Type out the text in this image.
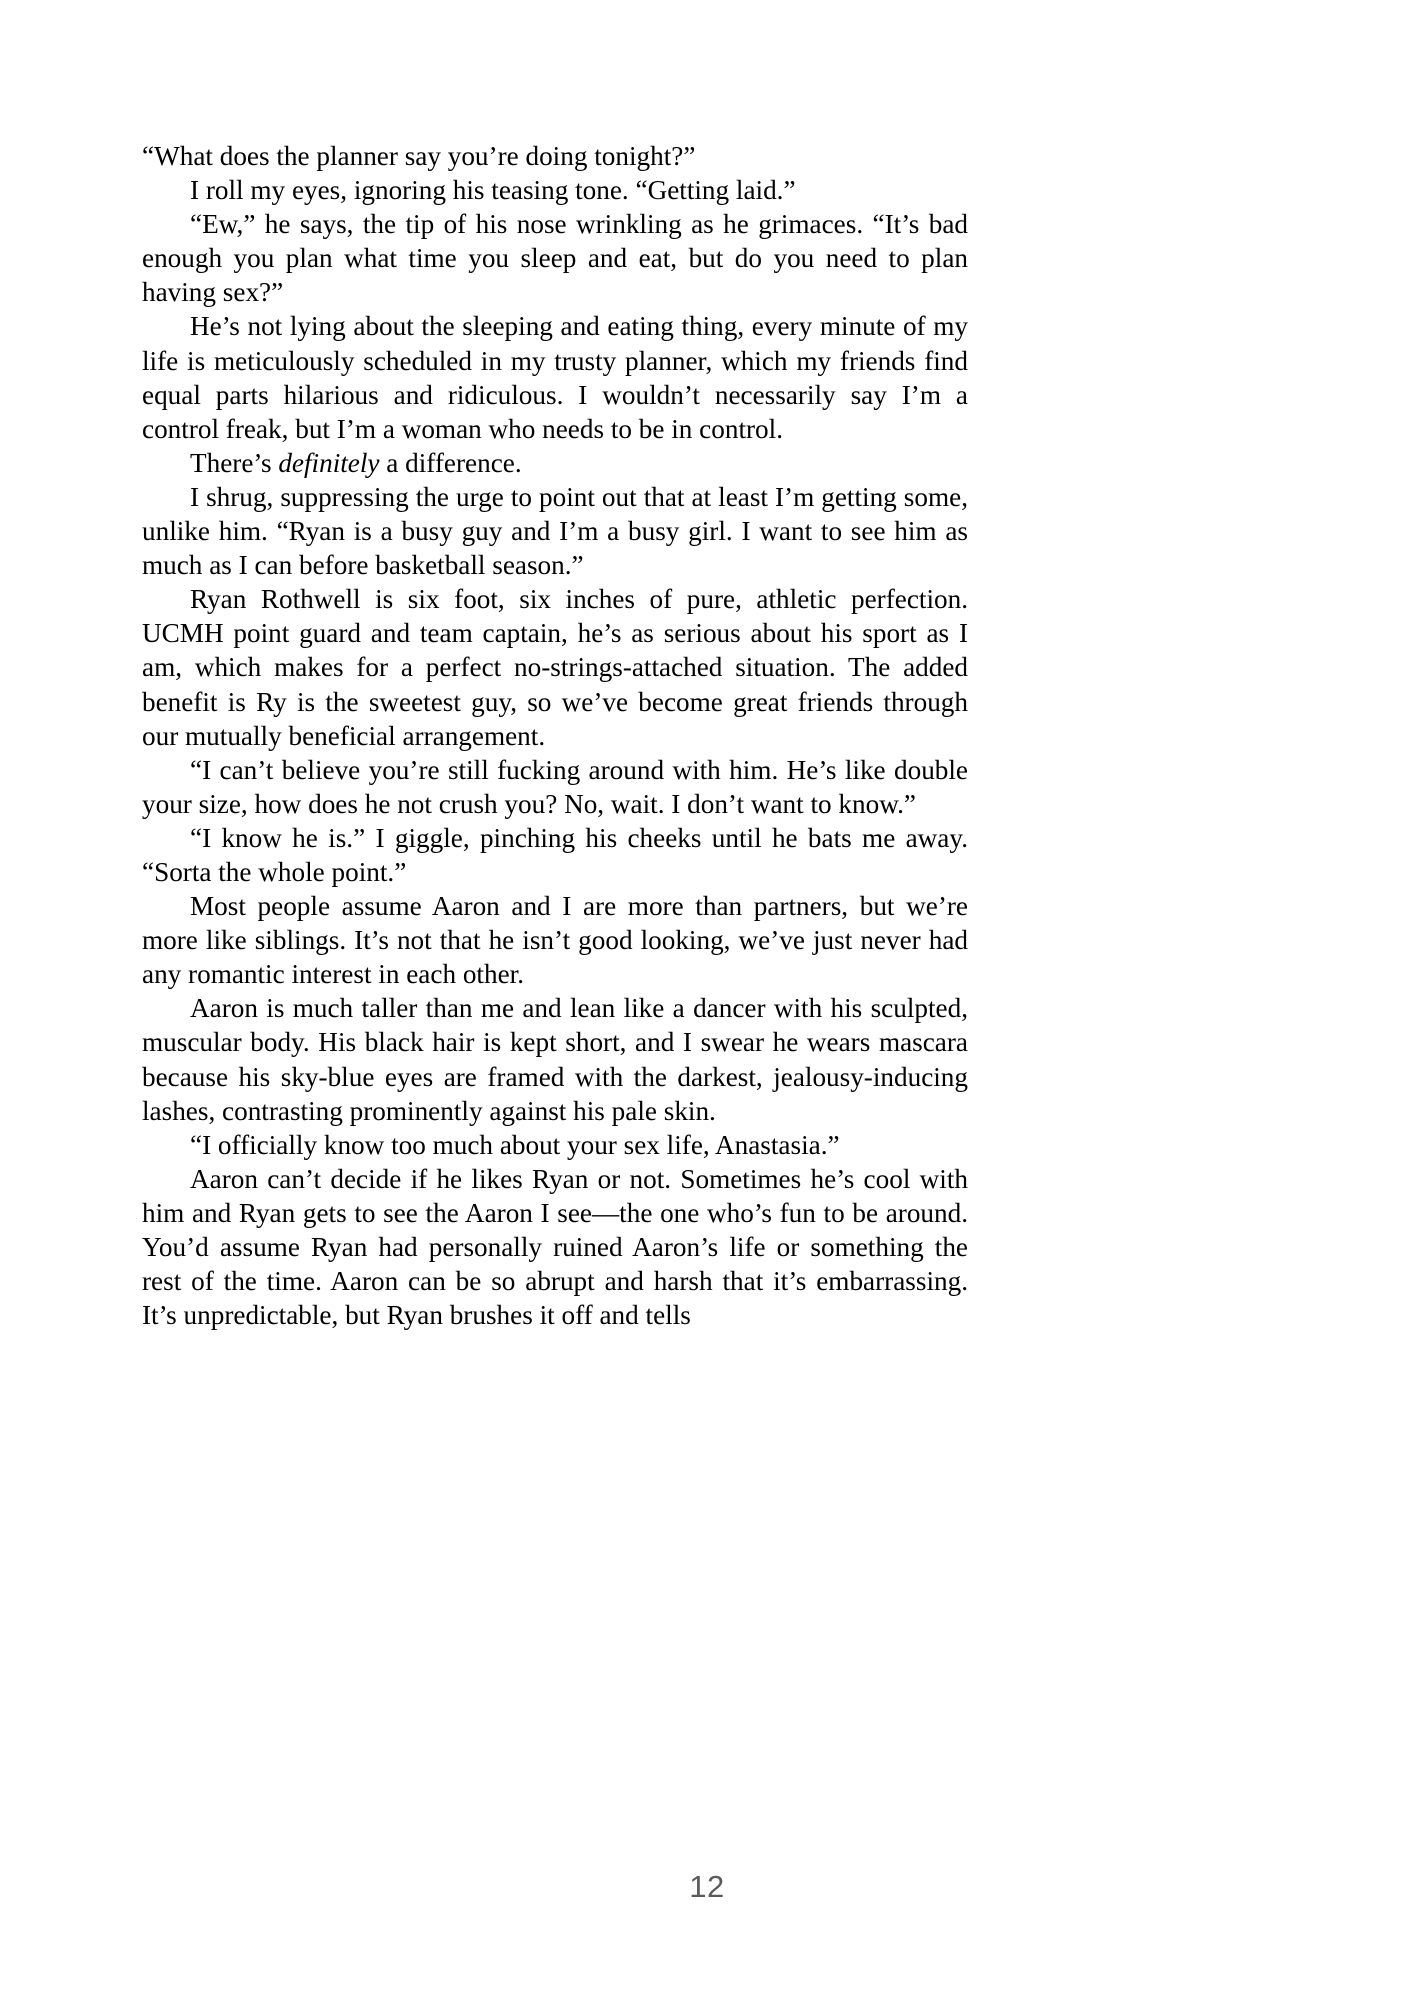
“What does the planner say you’re doing tonight?”

I roll my eyes, ignoring his teasing tone. “Getting laid.”

“Ew,” he says, the tip of his nose wrinkling as he grimaces. “It’s bad enough you plan what time you sleep and eat, but do you need to plan having sex?”

He’s not lying about the sleeping and eating thing, every minute of my life is meticulously scheduled in my trusty planner, which my friends find equal parts hilarious and ridiculous. I wouldn’t necessarily say I’m a control freak, but I’m a woman who needs to be in control.

There’s definitely a difference.

I shrug, suppressing the urge to point out that at least I’m getting some, unlike him. “Ryan is a busy guy and I’m a busy girl. I want to see him as much as I can before basketball season.”

Ryan Rothwell is six foot, six inches of pure, athletic perfection. UCMH point guard and team captain, he’s as serious about his sport as I am, which makes for a perfect no-strings-attached situation. The added benefit is Ry is the sweetest guy, so we’ve become great friends through our mutually beneficial arrangement.

“I can’t believe you’re still fucking around with him. He’s like double your size, how does he not crush you? No, wait. I don’t want to know.”

“I know he is.” I giggle, pinching his cheeks until he bats me away. “Sorta the whole point.”

Most people assume Aaron and I are more than partners, but we’re more like siblings. It’s not that he isn’t good looking, we’ve just never had any romantic interest in each other.

Aaron is much taller than me and lean like a dancer with his sculpted, muscular body. His black hair is kept short, and I swear he wears mascara because his sky-blue eyes are framed with the darkest, jealousy-inducing lashes, contrasting prominently against his pale skin.

“I officially know too much about your sex life, Anastasia.”

Aaron can’t decide if he likes Ryan or not. Sometimes he’s cool with him and Ryan gets to see the Aaron I see—the one who’s fun to be around. You’d assume Ryan had personally ruined Aaron’s life or something the rest of the time. Aaron can be so abrupt and harsh that it’s embarrassing. It’s unpredictable, but Ryan brushes it off and tells

12
